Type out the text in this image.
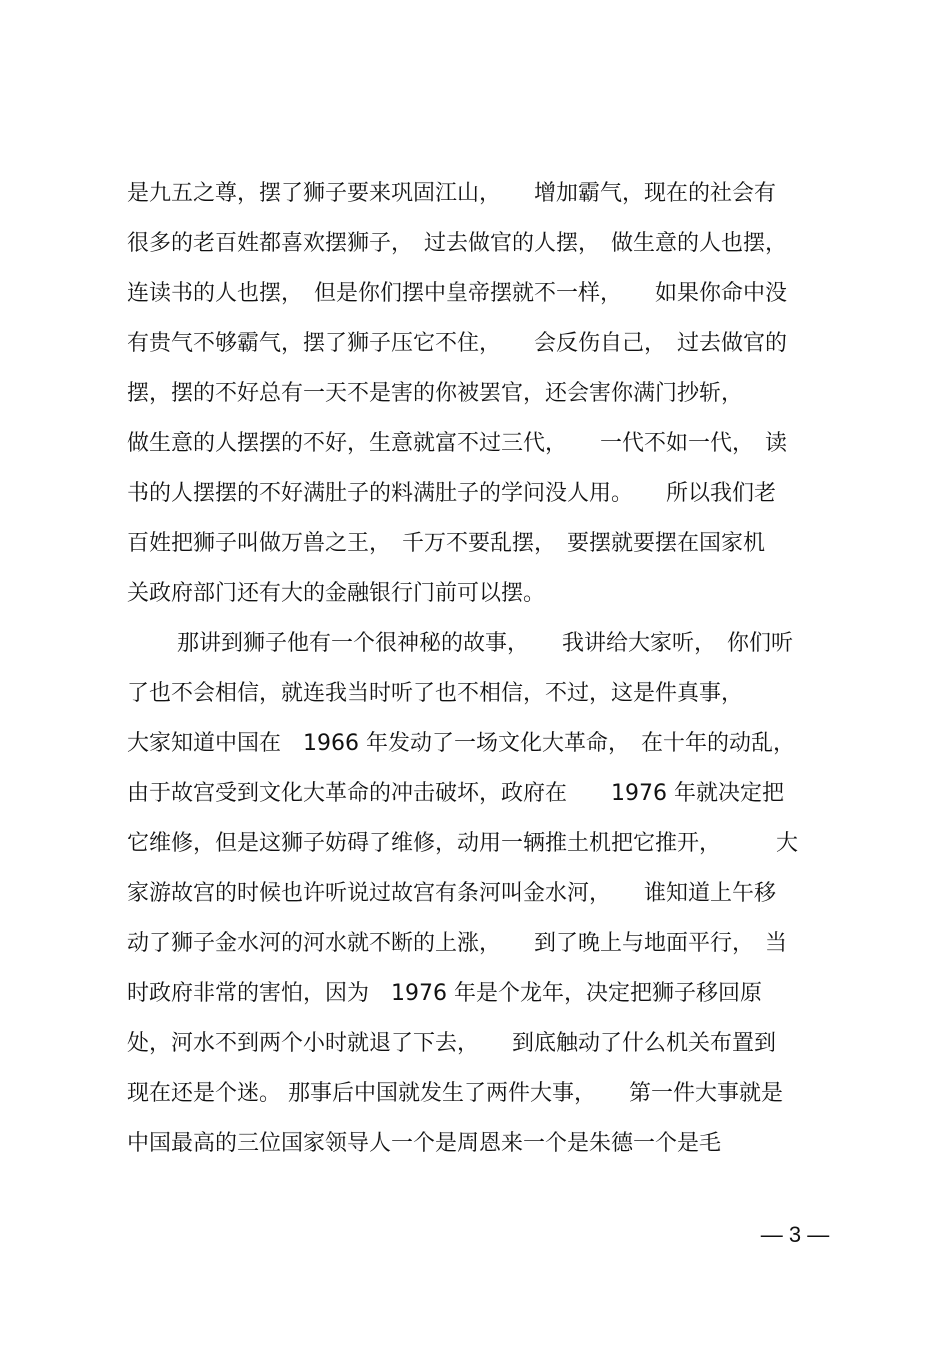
是九五之尊，摆了狮子要来巩固江山，　　增加霸气，现在的社会有
很多的老百姓都喜欢摆狮子，　过去做官的人摆，　做生意的人也摆，
连读书的人也摆，　但是你们摆中皇帝摆就不一样，　　如果你命中没
有贵气不够霸气，摆了狮子压它不住，　　会反伤自己，　过去做官的
摆，摆的不好总有一天不是害的你被罢官，还会害你满门抄斩，
做生意的人摆摆的不好，生意就富不过三代，　　一代不如一代，　读
书的人摆摆的不好满肚子的料满肚子的学问没人用。　　所以我们老
百姓把狮子叫做万兽之王，　千万不要乱摆，　要摆就要摆在国家机
关政府部门还有大的金融银行门前可以摆。
那讲到狮子他有一个很神秘的故事，　　我讲给大家听，　你们听
了也不会相信，就连我当时听了也不相信，不过，这是件真事，
大家知道中国在　1966 年发动了一场文化大革命，　在十年的动乱，
由于故宫受到文化大革命的冲击破坏，政府在　　1976 年就决定把
它维修，但是这狮子妨碍了维修，动用一辆推土机把它推开，　　　大
家游故宫的时候也许听说过故宫有条河叫金水河，　　谁知道上午移
动了狮子金水河的河水就不断的上涨，　　到了晚上与地面平行，　当
时政府非常的害怕，因为　1976 年是个龙年，决定把狮子移回原
处，河水不到两个小时就退了下去，　　到底触动了什么机关布置到
现在还是个迷。 那事后中国就发生了两件大事，　　第一件大事就是
中国最高的三位国家领导人一个是周恩来一个是朱德一个是毛
— 3 —
